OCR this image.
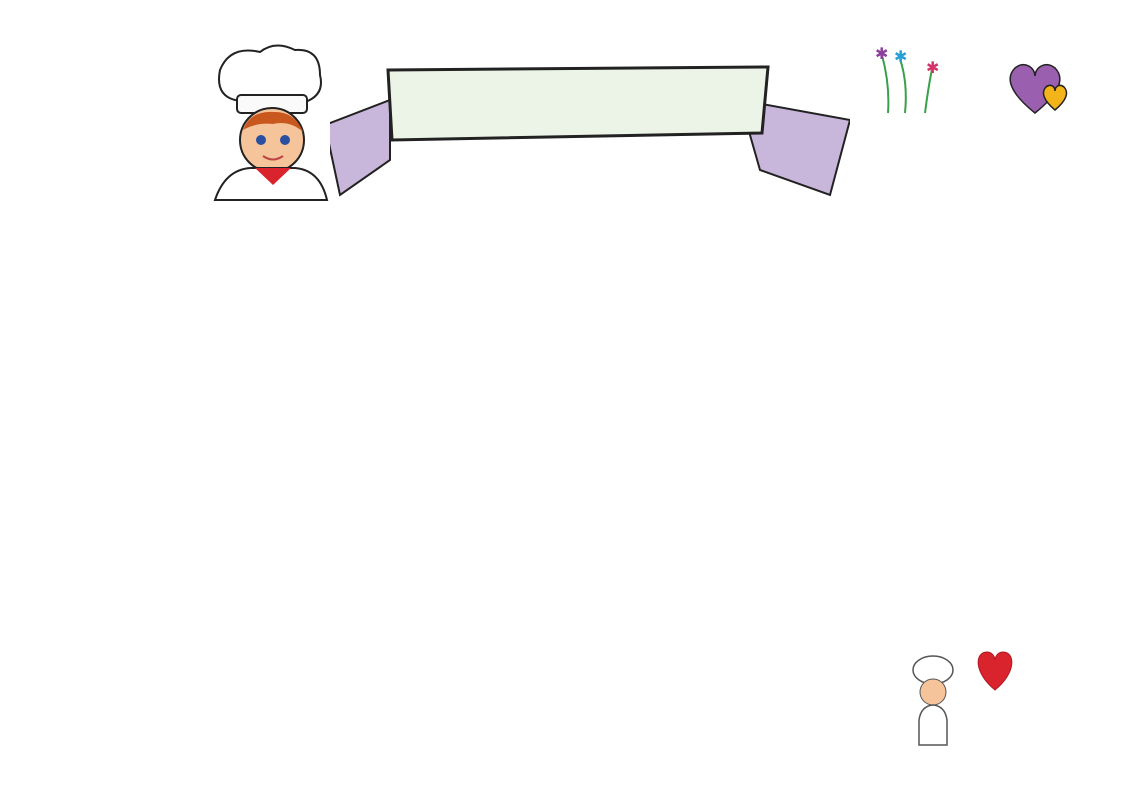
✱ ✱
✱
